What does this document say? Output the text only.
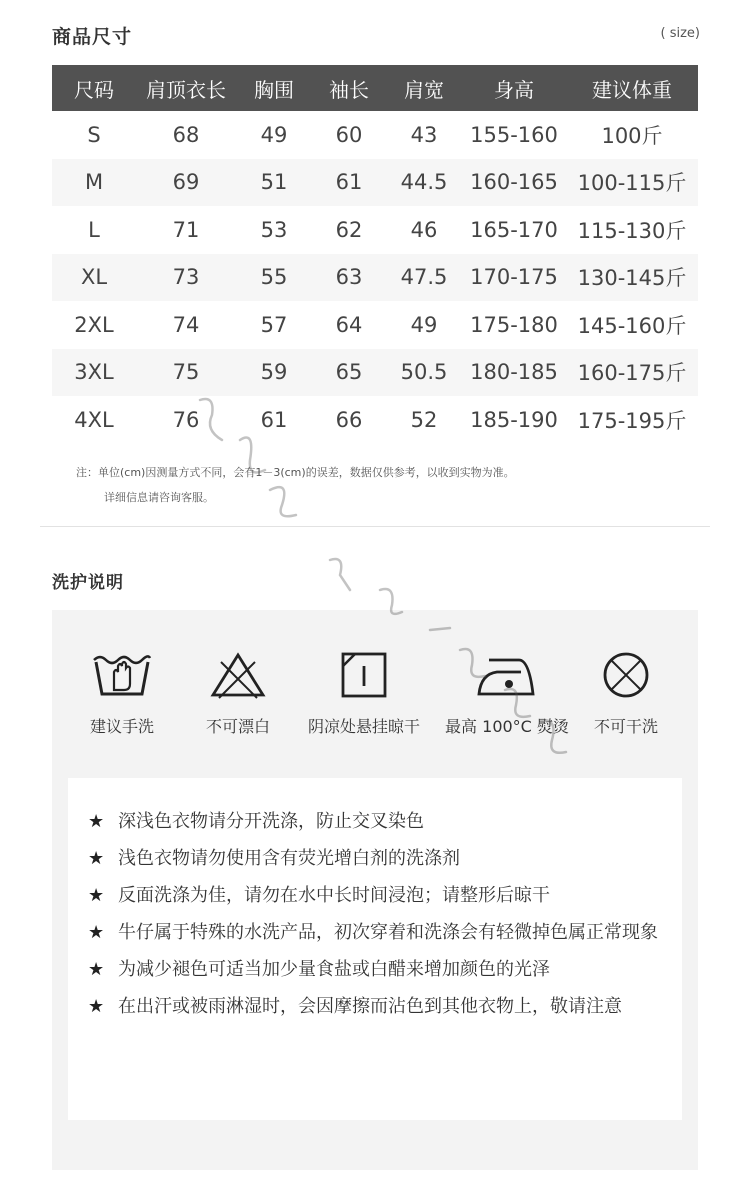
商品尺寸	( size)
尺码	肩顶衣长	胸围	袖长	肩宽	身高	建议体重
S	68	49	60	43	155-160	100斤
M	69	51	61	44.5	160-165	100-115斤
L	71	53	62	46	165-170	115-130斤
XL	73	55	63	47.5	170-175	130-145斤
2XL	74	57	64	49	175-180	145-160斤
3XL	75	59	65	50.5	180-185	160-175斤
4XL	76	61	66	52	185-190	175-195斤
注：单位(cm)因测量方式不同，会有1－3(cm)的误差，数据仅供参考，以收到实物为准。
详细信息请咨询客服。
洗护说明
建议手洗	不可漂白	阴凉处悬挂晾干	最高 100°C 熨烫	不可干洗
★ 深浅色衣物请分开洗涤，防止交叉染色
★ 浅色衣物请勿使用含有荧光增白剂的洗涤剂
★ 反面洗涤为佳，请勿在水中长时间浸泡；请整形后晾干
★ 牛仔属于特殊的水洗产品，初次穿着和洗涤会有轻微掉色属正常现象
★ 为减少褪色可适当加少量食盐或白醋来增加颜色的光泽
★ 在出汗或被雨淋湿时，会因摩擦而沾色到其他衣物上，敬请注意
